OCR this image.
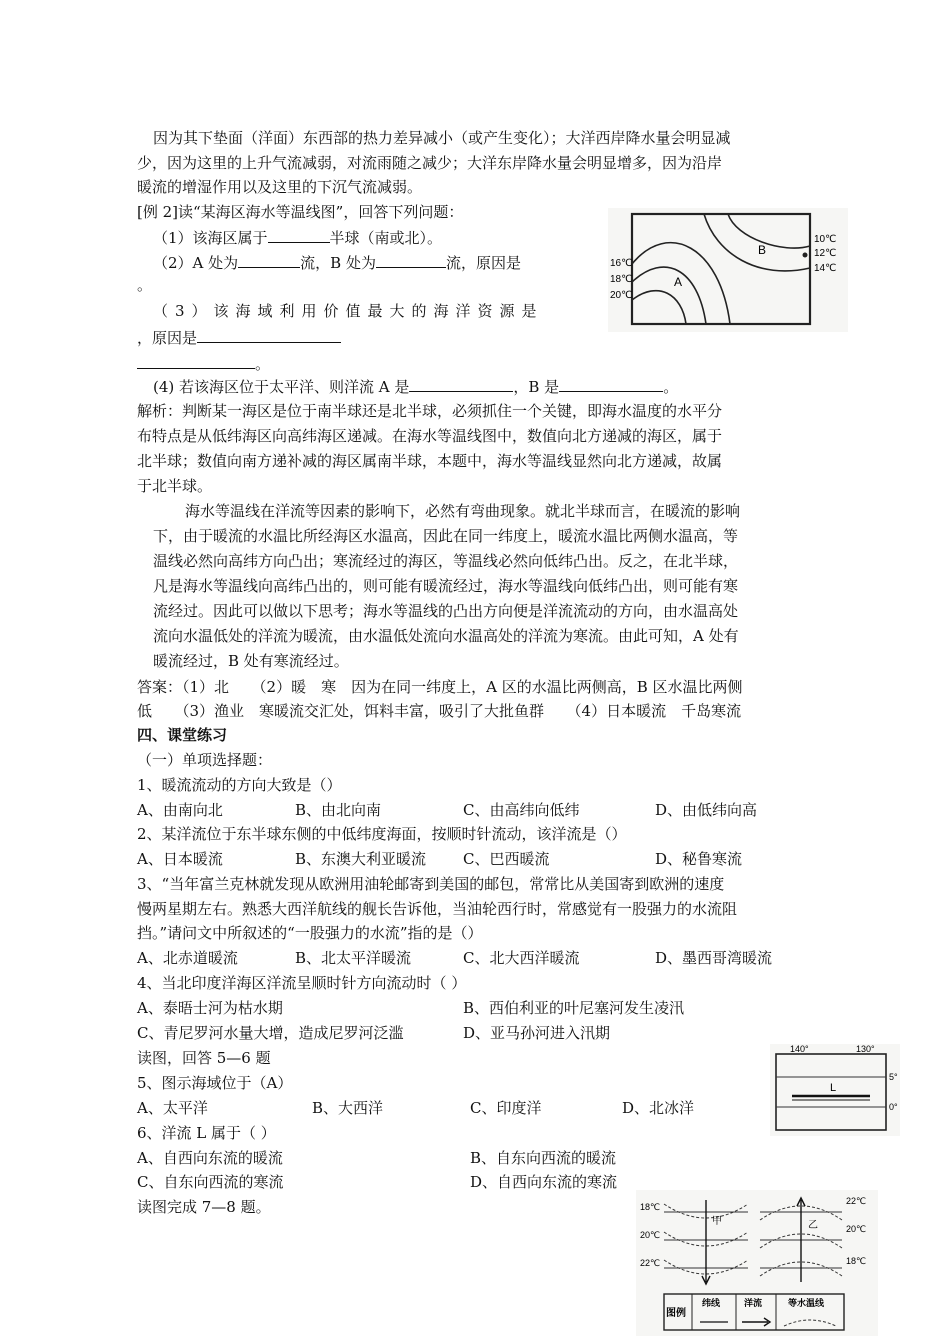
因为其下垫面（洋面）东西部的热力差异减小（或产生变化）；大洋西岸降水量会明显减
少，因为这里的上升气流减弱，对流雨随之减少；大洋东岸降水量会明显增多，因为沿岸
暖流的增湿作用以及这里的下沉气流减弱。
[例 2]读“某海区海水等温线图”，回答下列问题：
（1）该海区属于	半球（南或北）。
（2）A 处为	流，B 处为	流，原因是
。
（3）该海域利用价值最大的海洋资源是
，原因是
。
(4) 若该海区位于太平洋、则洋流 A 是	，B 是	。
10℃
12℃
14℃
16℃
18℃
20℃
A
B
解析：判断某一海区是位于南半球还是北半球，必须抓住一个关键，即海水温度的水平分
布特点是从低纬海区向高纬海区递减。在海水等温线图中，数值向北方递减的海区，属于
北半球；数值向南方递补减的海区属南半球，本题中，海水等温线显然向北方递减，故属
于北半球。
海水等温线在洋流等因素的影响下，必然有弯曲现象。就北半球而言，在暖流的影响
下，由于暖流的水温比所经海区水温高，因此在同一纬度上，暖流水温比两侧水温高，等
温线必然向高纬方向凸出；寒流经过的海区，等温线必然向低纬凸出。反之，在北半球，
凡是海水等温线向高纬凸出的，则可能有暖流经过，海水等温线向低纬凸出，则可能有寒
流经过。因此可以做以下思考；海水等温线的凸出方向便是洋流流动的方向，由水温高处
流向水温低处的洋流为暖流，由水温低处流向水温高处的洋流为寒流。由此可知，A 处有
暖流经过，B 处有寒流经过。
答案：（1）北　　（2）暖　寒　因为在同一纬度上，A 区的水温比两侧高，B 区水温比两侧
低　　（3）渔业　寒暖流交汇处，饵料丰富，吸引了大批鱼群　　（4）日本暖流　千岛寒流
四、课堂练习
（一）单项选择题：
1、暖流流动的方向大致是（）
A、由南向北	B、由北向南	C、由高纬向低纬	D、由低纬向高
2、某洋流位于东半球东侧的中低纬度海面，按顺时针流动，该洋流是（）
A、日本暖流	B、东澳大利亚暖流 C、巴西暖流	D、秘鲁寒流
3、“当年富兰克林就发现从欧洲用油轮邮寄到美国的邮包，常常比从美国寄到欧洲的速度
慢两星期左右。熟悉大西洋航线的舰长告诉他，当油轮西行时，常感觉有一股强力的水流阻
挡。”请问文中所叙述的“一股强力的水流”指的是（）
A、北赤道暖流	B、北太平洋暖流	C、北大西洋暖流	D、墨西哥湾暖流
4、当北印度洋海区洋流呈顺时针方向流动时（ ）
A、泰晤士河为枯水期	B、西伯利亚的叶尼塞河发生凌汛
C、青尼罗河水量大增，造成尼罗河泛滥	D、亚马孙河进入汛期
读图，回答 5—6 题	140°	130°
5°
0°
L
5、图示海域位于（A）
A、太平洋	B、大西洋	C、印度洋	D、北冰洋
6、洋流 L 属于（ ）
A、自西向东流的暖流	B、自东向西流的暖流
C、自东向西流的寒流	D、自西向东流的寒流
读图完成 7—8 题。	18℃
20℃
22℃
22℃
20℃
18℃
甲	乙
图例
纬线	洋流	等水温线
